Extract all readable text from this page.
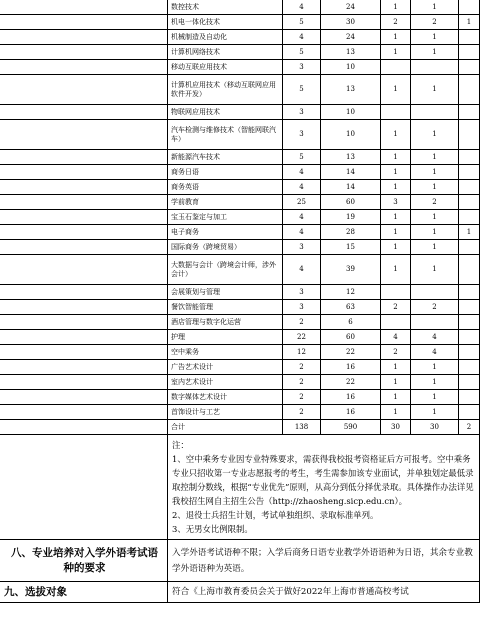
	数控技术	4	24	1	1	
	机电一体化技术	5	30	2	2	1
	机械制造及自动化	4	24	1	1	
	计算机网络技术	5	13	1	1	
	移动互联应用技术	3	10			
	计算机应用技术（移动互联网应用软件开发）	5	13	1	1	
	物联网应用技术	3	10			
	汽车检测与维修技术（智能网联汽车）	3	10	1	1	
	新能源汽车技术	5	13	1	1	
	商务日语	4	14	1	1	
	商务英语	4	14	1	1	
	学前教育	25	60	3	2	
	宝玉石鉴定与加工	4	19	1	1	
	电子商务	4	28	1	1	1
	国际商务（跨境贸易）	3	15	1	1	
	大数据与会计（跨境会计师，涉外会计）	4	39	1	1	
	会展策划与管理	3	12			
	餐饮智能管理	3	63	2	2	
	酒店管理与数字化运营	2	6			
	护理	22	60	4	4	
	空中乘务	12	22	2	4	
	广告艺术设计	2	16	1	1	
	室内艺术设计	2	22	1	1	
	数字媒体艺术设计	2	16	1	1	
	首饰设计与工艺	2	16	1	1	
	合计	138	590	30	30	2

	注：
1、空中乘务专业因专业特殊要求，需获得我校报考资格证后方可报考。空中乘务专业只招收第一专业志愿报考的考生，考生需参加该专业面试，并单独划定最低录取控制分数线，根据“专业优先”原则，从高分到低分择优录取。具体操作办法详见我校招生网自主招生公告（http://zhaosheng.sicp.edu.cn）。
2、退役士兵招生计划，考试单独组织、录取标准单列。
3、无男女比例限制。					

八、专业培养对入学外语考试语种的要求	入学外语考试语种不限；入学后商务日语专业教学外语语种为日语，其余专业教学外语语种为英语。					
九、选拔对象	符合《上海市教育委员会关于做好2022年上海市普通高校考试					
